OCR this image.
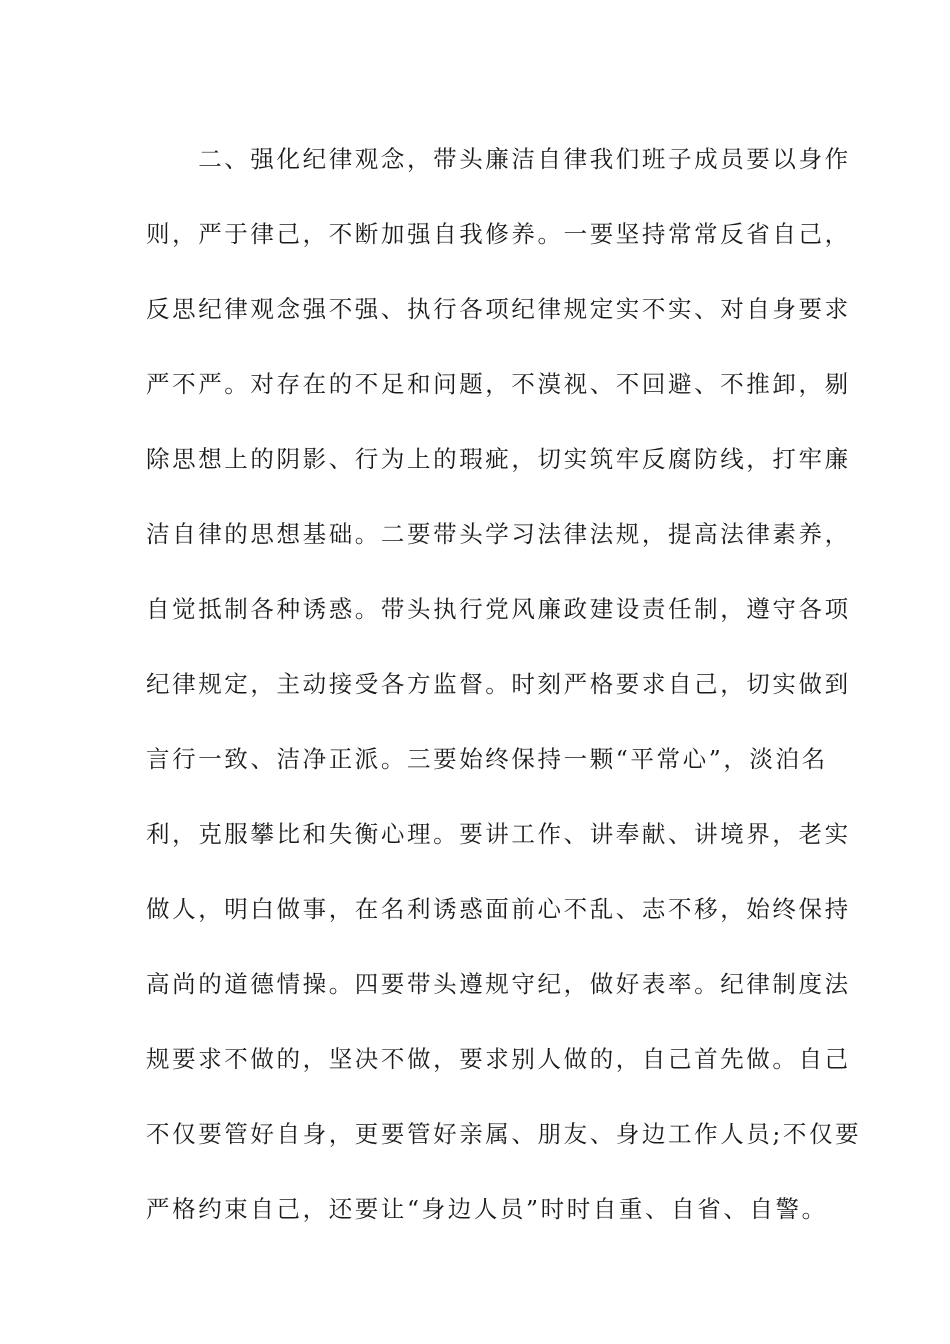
　　二、强化纪律观念，带头廉洁自律我们班子成员要以身作

则，严于律己，不断加强自我修养。一要坚持常常反省自己，

反思纪律观念强不强、执行各项纪律规定实不实、对自身要求

严不严。对存在的不足和问题，不漠视、不回避、不推卸，剔

除思想上的阴影、行为上的瑕疵，切实筑牢反腐防线，打牢廉

洁自律的思想基础。二要带头学习法律法规，提高法律素养，

自觉抵制各种诱惑。带头执行党风廉政建设责任制，遵守各项

纪律规定，主动接受各方监督。时刻严格要求自己，切实做到

言行一致、洁净正派。三要始终保持一颗“平常心”，淡泊名

利，克服攀比和失衡心理。要讲工作、讲奉献、讲境界，老实

做人，明白做事，在名利诱惑面前心不乱、志不移，始终保持

高尚的道德情操。四要带头遵规守纪，做好表率。纪律制度法

规要求不做的，坚决不做，要求别人做的，自己首先做。自己

不仅要管好自身，更要管好亲属、朋友、身边工作人员;不仅要

严格约束自己，还要让“身边人员”时时自重、自省、自警。
